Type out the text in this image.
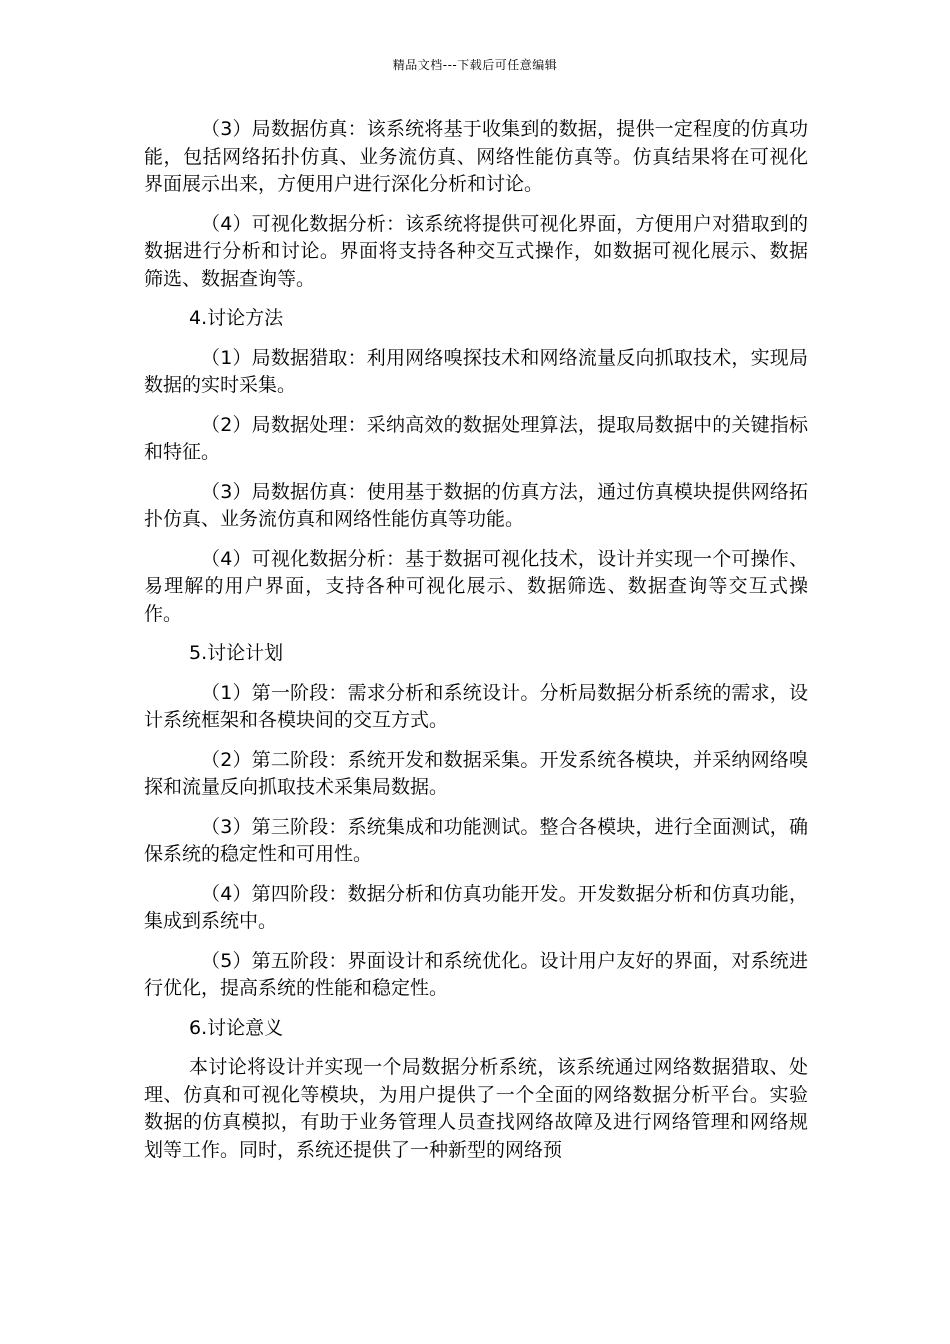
精品文档---下载后可任意编辑

（3）局数据仿真：该系统将基于收集到的数据，提供一定程度的仿真功能，包括网络拓扑仿真、业务流仿真、网络性能仿真等。仿真结果将在可视化界面展示出来，方便用户进行深化分析和讨论。

（4）可视化数据分析：该系统将提供可视化界面，方便用户对猎取到的数据进行分析和讨论。界面将支持各种交互式操作，如数据可视化展示、数据筛选、数据查询等。

4.讨论方法

（1）局数据猎取：利用网络嗅探技术和网络流量反向抓取技术，实现局数据的实时采集。

（2）局数据处理：采纳高效的数据处理算法，提取局数据中的关键指标和特征。

（3）局数据仿真：使用基于数据的仿真方法，通过仿真模块提供网络拓扑仿真、业务流仿真和网络性能仿真等功能。

（4）可视化数据分析：基于数据可视化技术，设计并实现一个可操作、易理解的用户界面，支持各种可视化展示、数据筛选、数据查询等交互式操作。

5.讨论计划

（1）第一阶段：需求分析和系统设计。分析局数据分析系统的需求，设计系统框架和各模块间的交互方式。

（2）第二阶段：系统开发和数据采集。开发系统各模块，并采纳网络嗅探和流量反向抓取技术采集局数据。

（3）第三阶段：系统集成和功能测试。整合各模块，进行全面测试，确保系统的稳定性和可用性。

（4）第四阶段：数据分析和仿真功能开发。开发数据分析和仿真功能，集成到系统中。

（5）第五阶段：界面设计和系统优化。设计用户友好的界面，对系统进行优化，提高系统的性能和稳定性。

6.讨论意义

本讨论将设计并实现一个局数据分析系统，该系统通过网络数据猎取、处理、仿真和可视化等模块，为用户提供了一个全面的网络数据分析平台。实验数据的仿真模拟，有助于业务管理人员查找网络故障及进行网络管理和网络规划等工作。同时，系统还提供了一种新型的网络预
